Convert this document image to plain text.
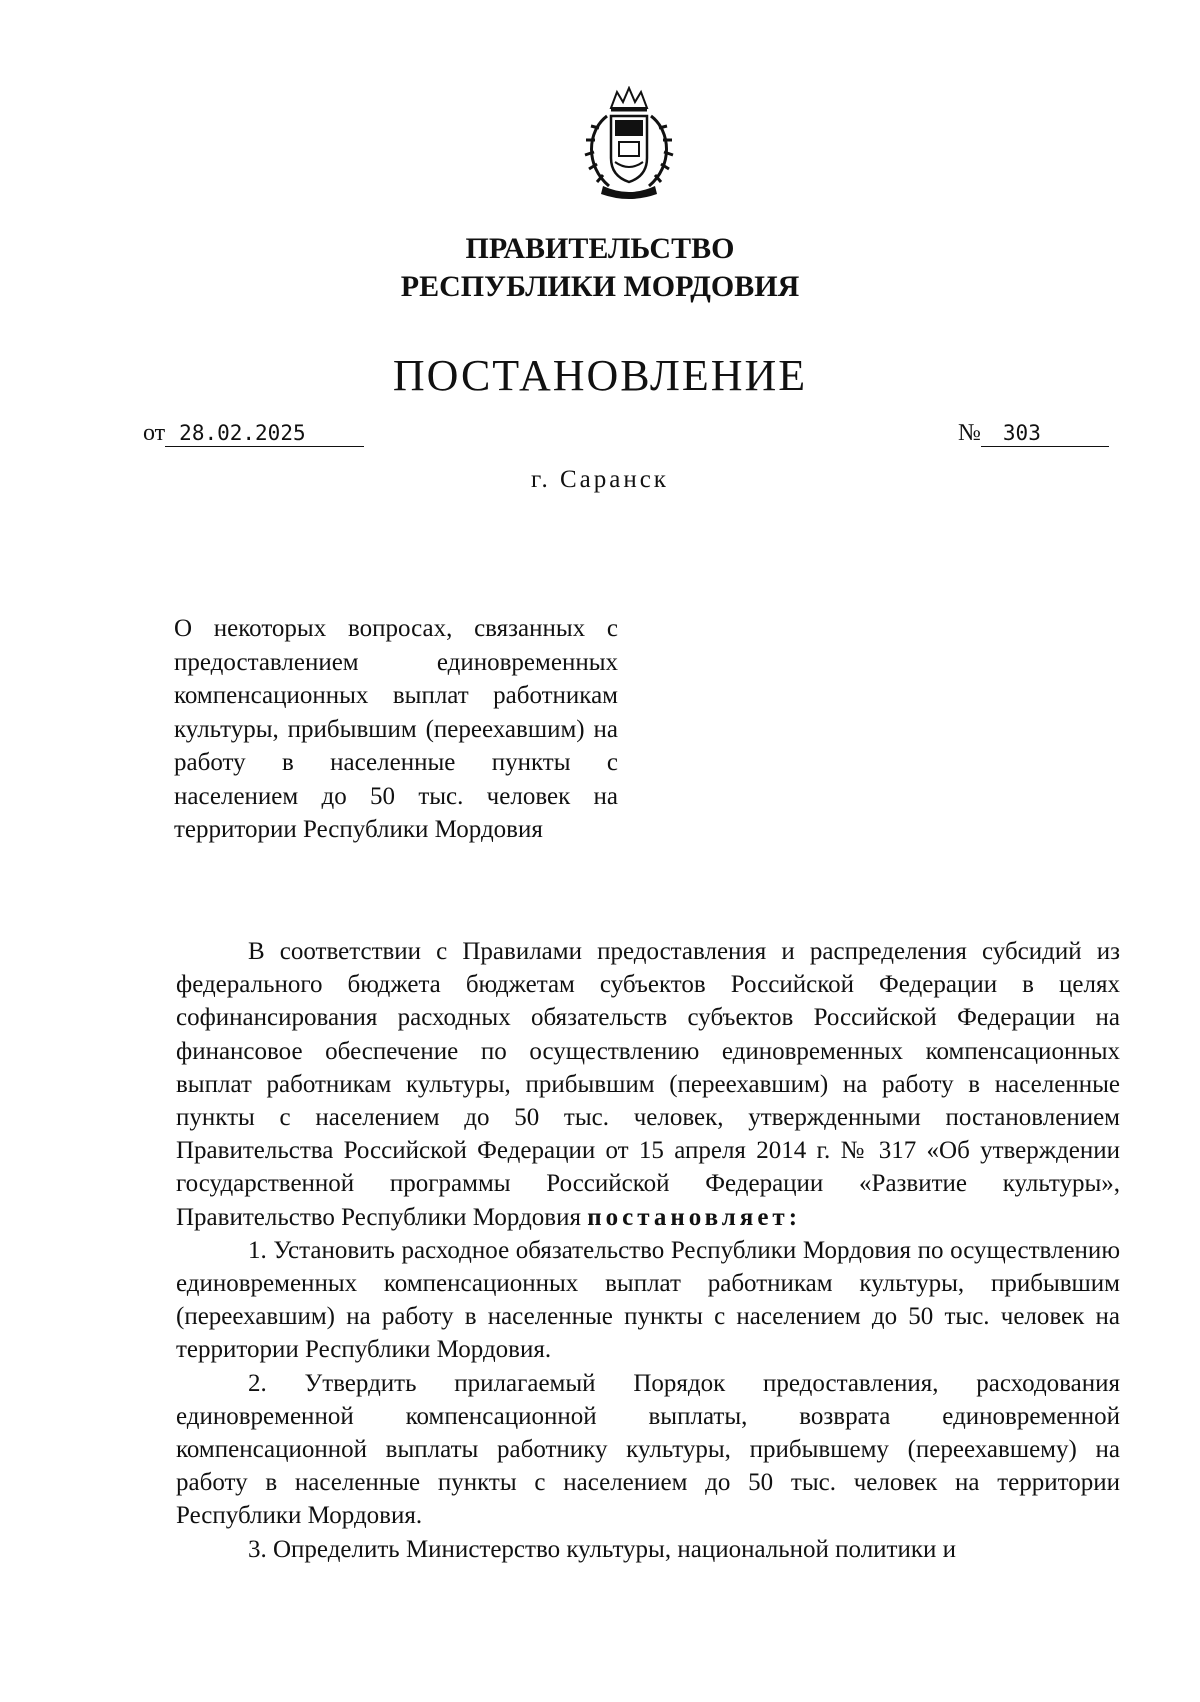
ПРАВИТЕЛЬСТВО
РЕСПУБЛИКИ МОРДОВИЯ
ПОСТАНОВЛЕНИЕ
от 28.02.2025	№ 303
г. Саранск
О некоторых вопросах, связанных с предоставлением единовременных компенсационных выплат работникам культуры, прибывшим (переехавшим) на работу в населенные пункты с населением до 50 тыс. человек на территории Республики Мордовия

В соответствии с Правилами предоставления и распределения субсидий из федерального бюджета бюджетам субъектов Российской Федерации в целях софинансирования расходных обязательств субъектов Российской Федерации на финансовое обеспечение по осуществлению единовременных компенсационных выплат работникам культуры, прибывшим (переехавшим) на работу в населенные пункты с населением до 50 тыс. человек, утвержденными постановлением Правительства Российской Федерации от 15 апреля 2014 г. № 317 «Об утверждении государственной программы Российской Федерации «Развитие культуры», Правительство Республики Мордовия постановляет:

1. Установить расходное обязательство Республики Мордовия по осуществлению единовременных компенсационных выплат работникам культуры, прибывшим (переехавшим) на работу в населенные пункты с населением до 50 тыс. человек на территории Республики Мордовия.

2. Утвердить прилагаемый Порядок предоставления, расходования единовременной компенсационной выплаты, возврата единовременной компенсационной выплаты работнику культуры, прибывшему (переехавшему) на работу в населенные пункты с населением до 50 тыс. человек на территории Республики Мордовия.

3. Определить Министерство культуры, национальной политики и
